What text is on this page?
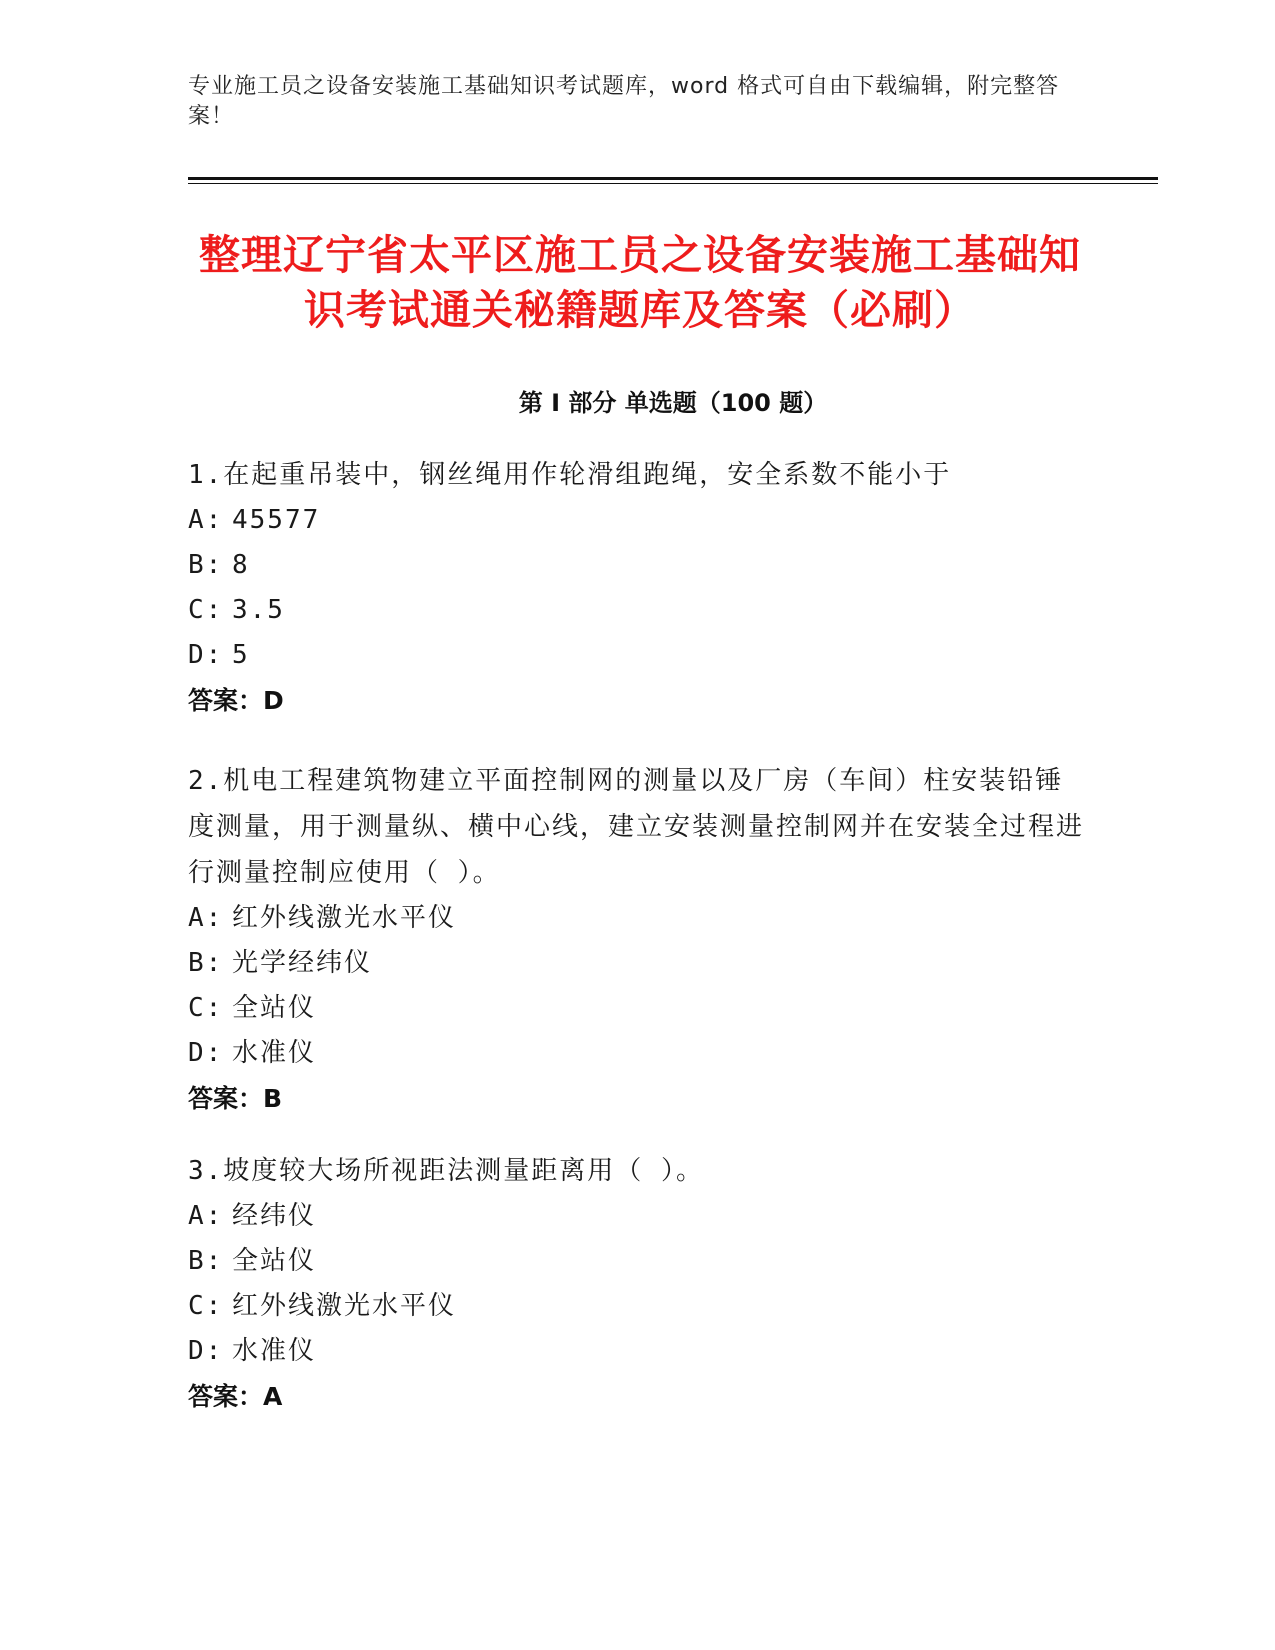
专业施工员之设备安装施工基础知识考试题库，word 格式可自由下载编辑，附完整答案！
整理辽宁省太平区施工员之设备安装施工基础知识考试通关秘籍题库及答案（必刷）
第 I 部分 单选题（100 题）

1.在起重吊装中，钢丝绳用作轮滑组跑绳，安全系数不能小于

A: 45577

B: 8

C: 3.5

D: 5

答案：D

2.机电工程建筑物建立平面控制网的测量以及厂房（车间）柱安装铅锤度测量，用于测量纵、横中心线，建立安装测量控制网并在安装全过程进行测量控制应使用（ ）。

A: 红外线激光水平仪

B: 光学经纬仪

C: 全站仪

D: 水准仪

答案：B

3.坡度较大场所视距法测量距离用（ ）。

A: 经纬仪

B: 全站仪

C: 红外线激光水平仪

D: 水准仪

答案：A
